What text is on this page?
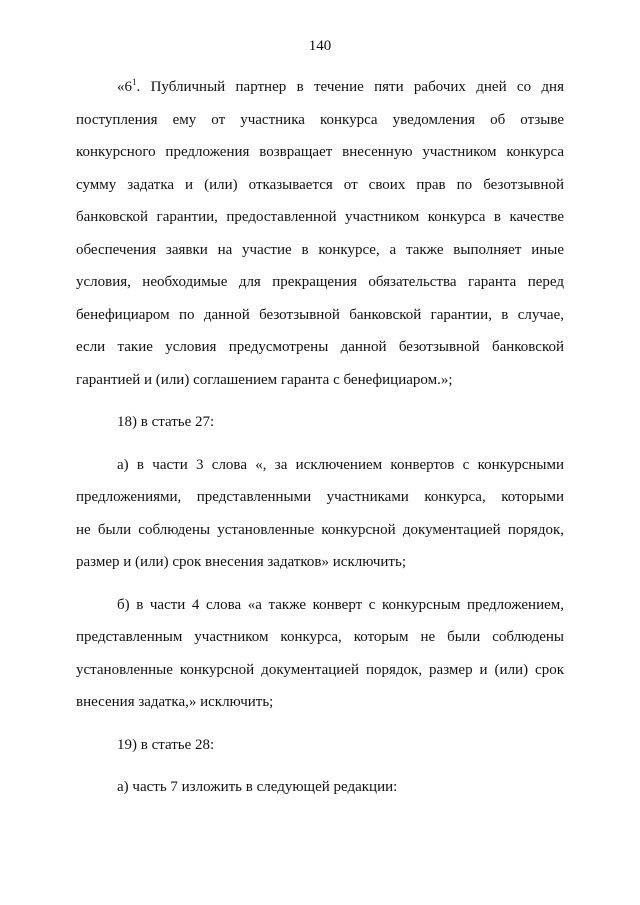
140
«$6^1$. Публичный партнер в течение пяти рабочих дней со дня
поступления ему от участника конкурса уведомления об отзыве
конкурсного предложения возвращает внесенную участником конкурса
сумму задатка и (или) отказывается от своих прав по безотзывной
банковской гарантии, предоставленной участником конкурса в качестве
обеспечения заявки на участие в конкурсе, а также выполняет иные
условия, необходимые для прекращения обязательства гаранта перед
бенефициаром по данной безотзывной банковской гарантии, в случае,
если такие условия предусмотрены данной безотзывной банковской
гарантией и (или) соглашением гаранта с бенефициаром.»;

18) в статье 27:

а) в части 3 слова «, за исключением конвертов с конкурсными
предложениями, представленными участниками конкурса, которыми
не были соблюдены установленные конкурсной документацией порядок,
размер и (или) срок внесения задатков» исключить;
б) в части 4 слова «а также конверт с конкурсным предложением,
представленным участником конкурса, которым не были соблюдены
установленные конкурсной документацией порядок, размер и (или) срок
внесения задатка,» исключить;

19) в статье 28:

а) часть 7 изложить в следующей редакции:
